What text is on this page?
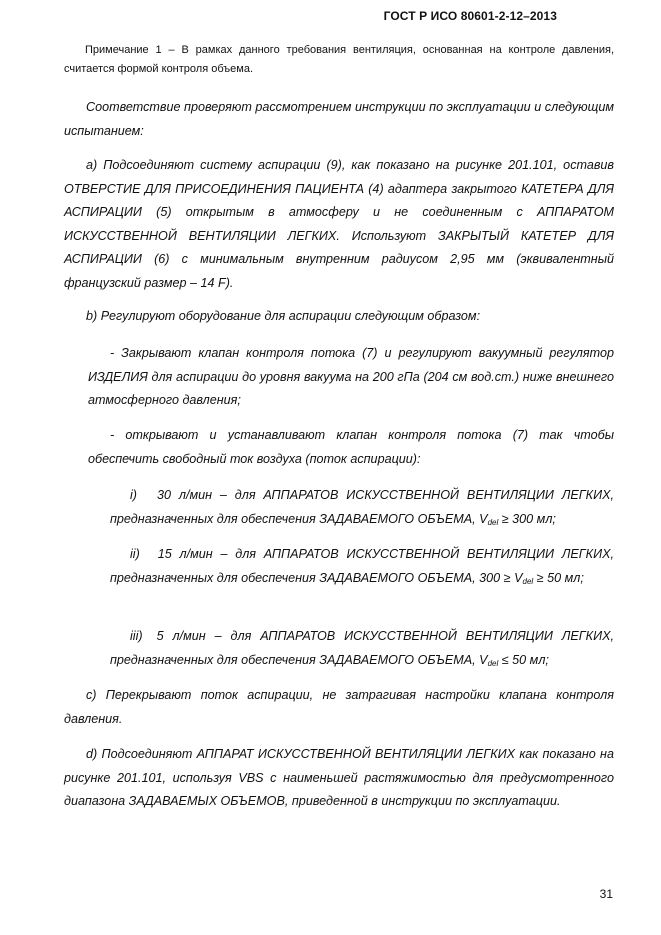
ГОСТ Р ИСО 80601-2-12–2013
Примечание 1 – В рамках данного требования вентиляция, основанная на контроле давления, считается формой контроля объема.
Соответствие проверяют рассмотрением инструкции по эксплуатации и следующим испытанием:
a) Подсоединяют систему аспирации (9), как показано на рисунке 201.101, оставив ОТВЕРСТИЕ ДЛЯ ПРИСОЕДИНЕНИЯ ПАЦИЕНТА (4) адаптера закрытого КАТЕТЕРА ДЛЯ АСПИРАЦИИ (5) открытым в атмосферу и не соединенным с АППАРАТОМ ИСКУССТВЕННОЙ ВЕНТИЛЯЦИИ ЛЕГКИХ. Используют ЗАКРЫТЫЙ КАТЕТЕР ДЛЯ АСПИРАЦИИ (6) с минимальным внутренним радиусом 2,95 мм (эквивалентный французский размер – 14 F).
b) Регулируют оборудование для аспирации следующим образом:
- Закрывают клапан контроля потока (7) и регулируют вакуумный регулятор ИЗДЕЛИЯ для аспирации до уровня вакуума на 200 гПа (204 см вод.ст.) ниже внешнего атмосферного давления;
- открывают и устанавливают клапан контроля потока (7) так чтобы обеспечить свободный ток воздуха (поток аспирации):
i) 30 л/мин – для АППАРАТОВ ИСКУССТВЕННОЙ ВЕНТИЛЯЦИИ ЛЕГКИХ, предназначенных для обеспечения ЗАДАВАЕМОГО ОБЪЕМА, $V_{del} \ge 300$ мл;
ii) 15 л/мин – для АППАРАТОВ ИСКУССТВЕННОЙ ВЕНТИЛЯЦИИ ЛЕГКИХ, предназначенных для обеспечения ЗАДАВАЕМОГО ОБЪЕМА, $300 \ge V_{del} \ge 50$ мл;
iii) 5 л/мин – для АППАРАТОВ ИСКУССТВЕННОЙ ВЕНТИЛЯЦИИ ЛЕГКИХ, предназначенных для обеспечения ЗАДАВАЕМОГО ОБЪЕМА, $V_{del} \le 50$ мл;
c) Перекрывают поток аспирации, не затрагивая настройки клапана контроля давления.
d) Подсоединяют АППАРАТ ИСКУССТВЕННОЙ ВЕНТИЛЯЦИИ ЛЕГКИХ как показано на рисунке 201.101, используя VBS с наименьшей растяжимостью для предусмотренного диапазона ЗАДАВАЕМЫХ ОБЪЕМОВ, приведенной в инструкции по эксплуатации.
31
